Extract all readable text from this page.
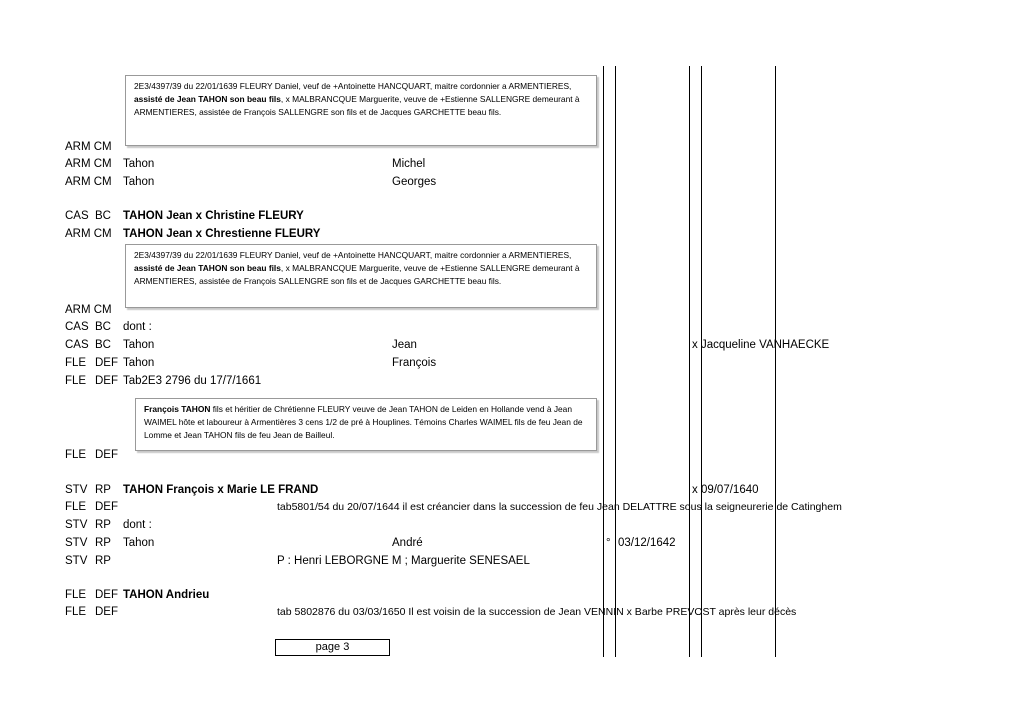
2E3/4397/39 du 22/01/1639 FLEURY Daniel, veuf de +Antoinette HANCQUART, maitre cordonnier a ARMENTIERES, assisté de Jean TAHON son beau fils, x MALBRANCQUE Marguerite, veuve de +Estienne SALLENGRE demeurant à ARMENTIERES, assistée de François SALLENGRE son fils et de Jacques GARCHETTE beau fils.

2E3/4397/39 du 22/01/1639 FLEURY Daniel, veuf de +Antoinette HANCQUART, maitre cordonnier a ARMENTIERES, assisté de Jean TAHON son beau fils, x MALBRANCQUE Marguerite, veuve de +Estienne SALLENGRE demeurant à ARMENTIERES, assistée de François SALLENGRE son fils et de Jacques GARCHETTE beau fils.

François TAHON fils et héritier de Chrétienne FLEURY veuve de Jean TAHON de Leiden en Hollande vend à Jean WAIMEL hôte et laboureur à Armentières 3 cens 1/2 de pré à Houplines. Témoins Charles WAIMEL fils de feu Jean de Lomme et Jean TAHON fils de feu Jean de Bailleul.

ARM CM
ARM CM Tahon	Michel
ARM CM Tahon	Georges
CAS BC TAHON Jean x Christine FLEURY
ARM CM TAHON Jean x Chrestienne FLEURY
ARM CM
CAS BC dont :
CAS BC Tahon	Jean	x Jacqueline VANHAECKE
FLE DEF Tahon	François
FLE DEF Tab2E3 2796 du 17/7/1661
FLE DEF
STV RP TAHON François x Marie LE FRAND	x 09/07/1640
FLE DEF	tab5801/54 du 20/07/1644 il est créancier dans la succession de feu Jean DELATTRE sous la seigneurerie de Catinghem
STV RP dont :
STV RP Tahon	André	° 03/12/1642
STV RP	P : Henri LEBORGNE M ; Marguerite SENESAEL
FLE DEF TAHON Andrieu
FLE DEF	tab 5802876 du 03/03/1650 Il est voisin de la succession de Jean VENNIN x Barbe PREVOST après leur décès
page 3
